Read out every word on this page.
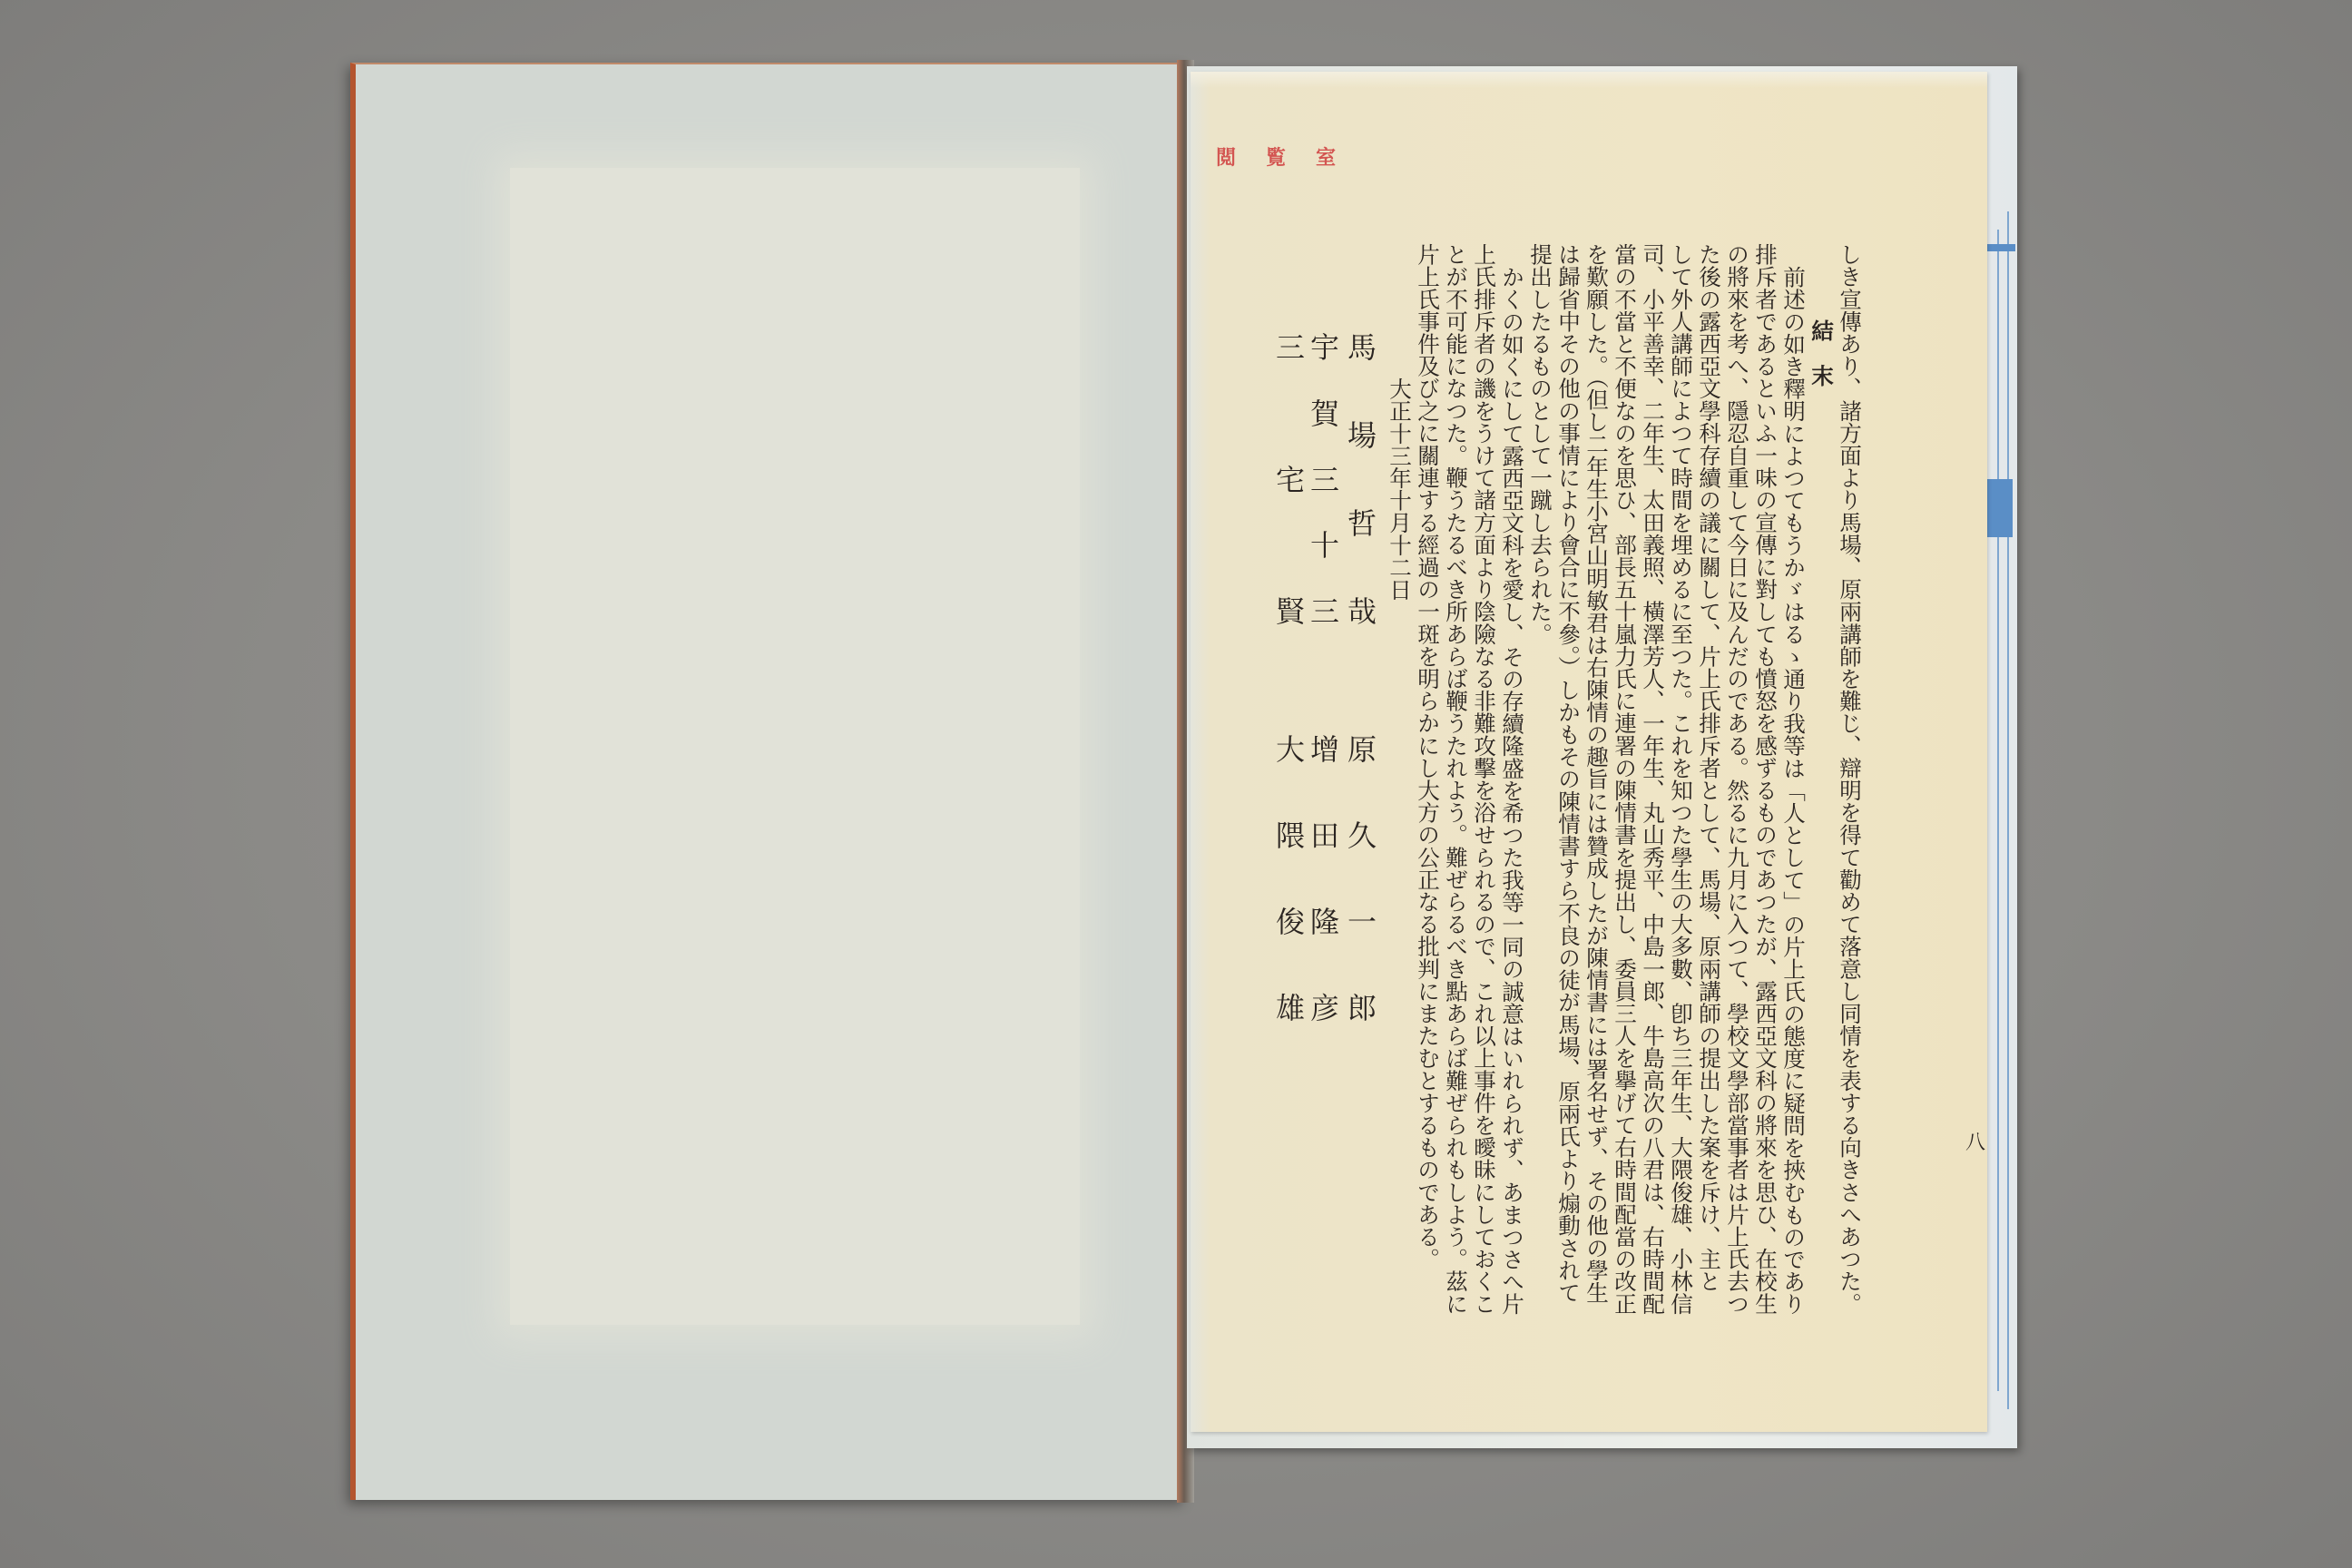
閲覧室
しき宣傳あり、諸方面より馬場、原兩講師を難じ、辯明を得て勸めて落意し同情を表する向きさへあつた。
結　末
前述の如き釋明によつてもうかゞはるゝ通り我等は「人として」の片上氏の態度に疑問を挾むものであり
排斥者であるといふ一味の宣傳に對しても憤怒を感ずるものであつたが、露西亞文科の將來を思ひ、在校生
の將來を考へ、隱忍自重して今日に及んだのである。然るに九月に入つて、學校文學部當事者は片上氏去つ
た後の露西亞文學科存續の議に關して、片上氏排斥者として、馬場、原兩講師の提出した案を斥け、主と
して外人講師によつて時間を埋めるに至つた。これを知つた學生の大多數、卽ち三年生、大隈俊雄、小林信
司、小平善幸、二年生、太田義照、橫澤芳人、一年生、丸山秀平、中島一郎、牛島高次の八君は、右時間配
當の不當と不便なのを思ひ、部長五十嵐力氏に連署の陳情書を提出し、委員三人を擧げて右時間配當の改正
を歎願した。（但し二年生小宮山明敏君は右陳情の趣旨には贊成したが陳情書には署名せず、その他の學生
は歸省中その他の事情により會合に不參。）しかもその陳情書すら不良の徒が馬場、原兩氏より煽動されて
提出したるものとして一蹴し去られた。
かくの如くにして露西亞文科を愛し、その存續隆盛を希つた我等一同の誠意はいれられず、あまつさへ片
上氏排斥者の譏をうけて諸方面より陰險なる非難攻擊を浴せられるので、これ以上事件を曖昧にしておくこ
とが不可能になつた。鞭うたるべき所あらば鞭うたれよう。難ぜらるべき點あらば難ぜられもしよう。茲に
片上氏事件及び之に關連する經過の一斑を明らかにし大方の公正なる批判にまたむとするものである。
大正十三年十月十二日
馬
場
哲
哉
原
久
一
郎
宇
賀
三
十
三
增
田
隆
彦
三
宅
賢
大
隈
俊
雄
八
